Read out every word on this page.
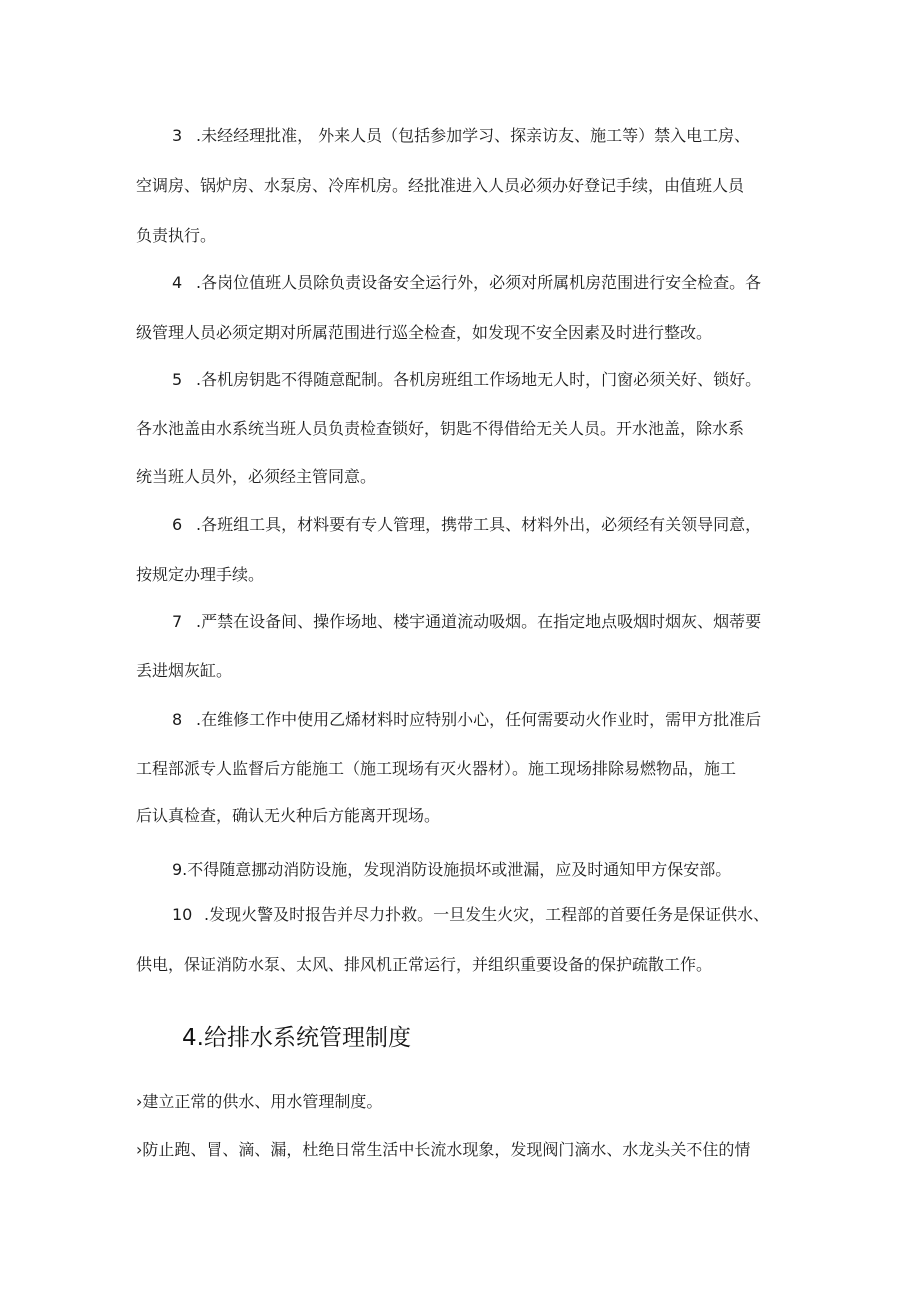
3 .未经经理批准， 外来人员（包括参加学习、探亲访友、施工等）禁入电工房、
空调房、锅炉房、水泵房、冷库机房。经批准进入人员必须办好登记手续，由值班人员
负责执行。
4 .各岗位值班人员除负责设备安全运行外，必须对所属机房范围进行安全检查。各
级管理人员必须定期对所属范围进行巡全检查，如发现不安全因素及时进行整改。
5 .各机房钥匙不得随意配制。各机房班组工作场地无人时，门窗必须关好、锁好。
各水池盖由水系统当班人员负责检查锁好，钥匙不得借给无关人员。开水池盖，除水系
统当班人员外，必须经主管同意。
6 .各班组工具，材料要有专人管理，携带工具、材料外出，必须经有关领导同意，
按规定办理手续。
7 .严禁在设备间、操作场地、楼宇通道流动吸烟。在指定地点吸烟时烟灰、烟蒂要
丢进烟灰缸。
8 .在维修工作中使用乙烯材料时应特别小心，任何需要动火作业时，需甲方批准后
工程部派专人监督后方能施工（施工现场有灭火器材）。施工现场排除易燃物品，施工
后认真检查，确认无火种后方能离开现场。
9.不得随意挪动消防设施，发现消防设施损坏或泄漏，应及时通知甲方保安部。
10 .发现火警及时报告并尽力扑救。一旦发生火灾，工程部的首要任务是保证供水、
供电，保证消防水泵、太风、排风机正常运行，并组织重要设备的保护疏散工作。
4.给排水系统管理制度
›建立正常的供水、用水管理制度。
›防止跑、冒、滴、漏，杜绝日常生活中长流水现象，发现阀门滴水、水龙头关不住的情
